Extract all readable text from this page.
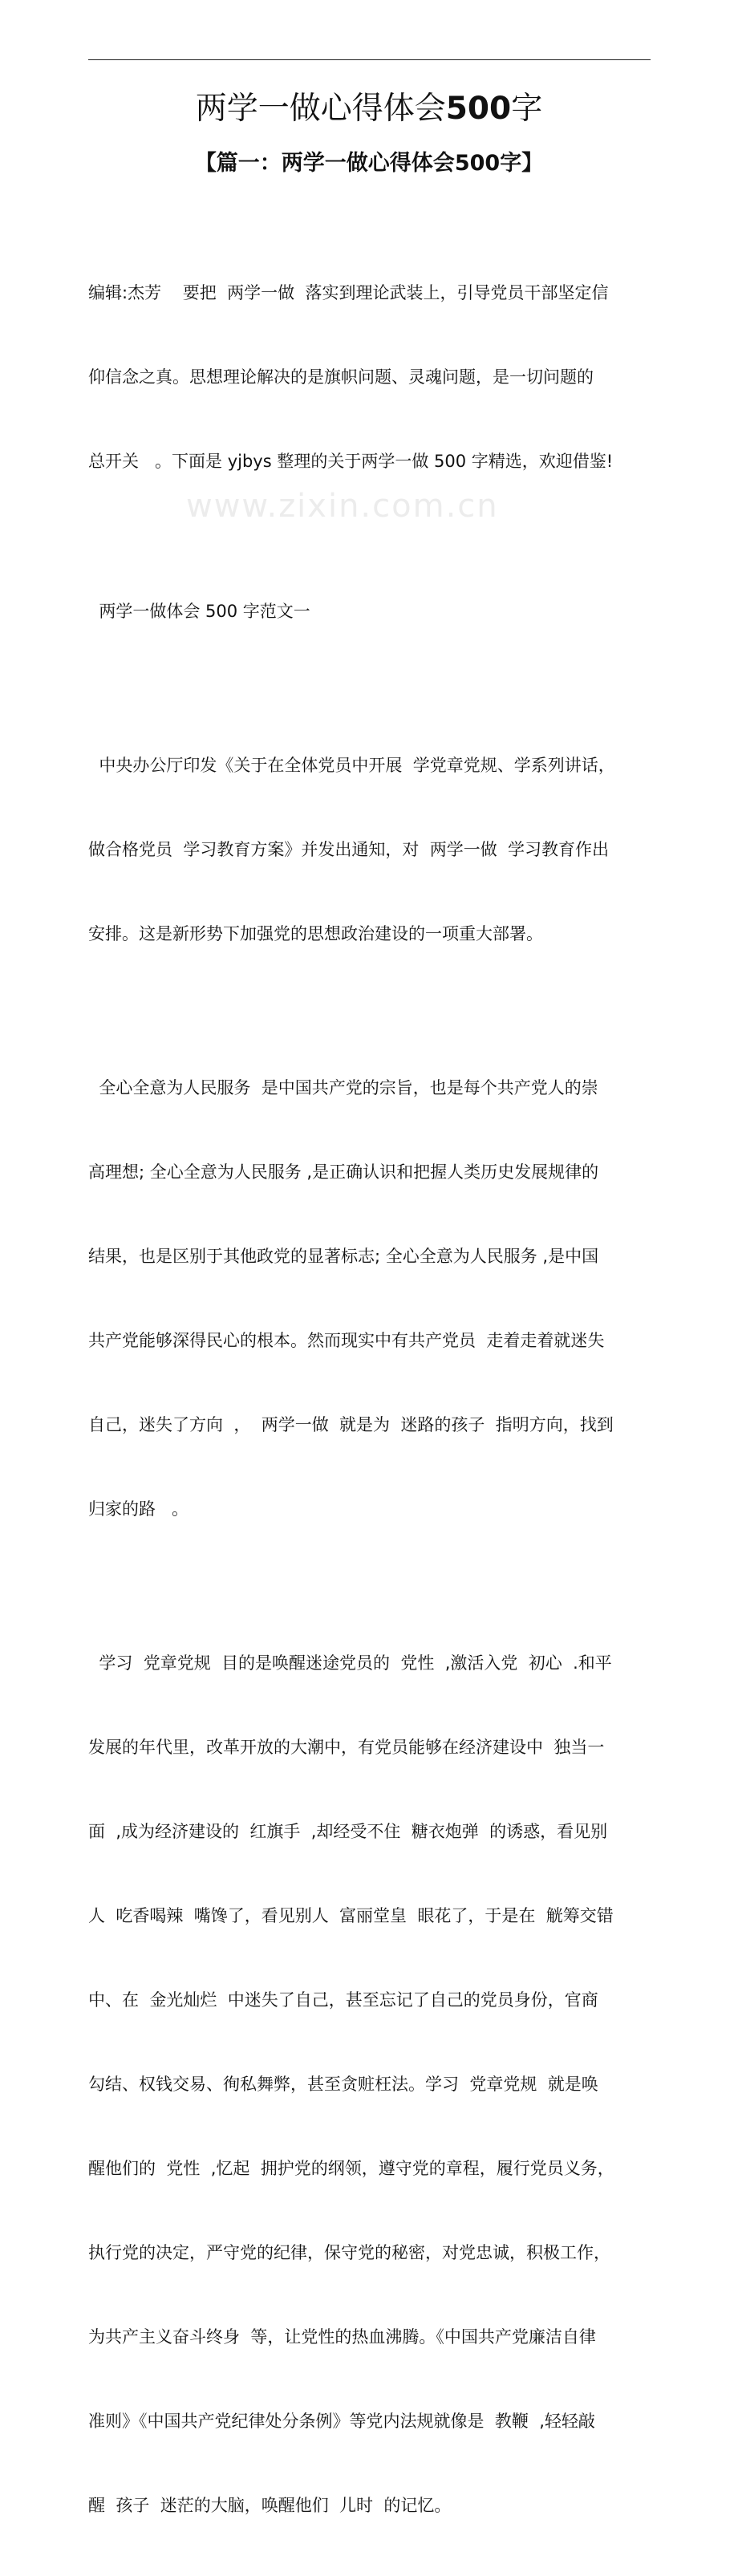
www.zixin.com.cn
两学一做心得体会500字
【篇一：两学一做心得体会500字】

编辑:杰芳    要把  两学一做  落实到理论武装上，引导党员干部坚定信

仰信念之真。思想理论解决的是旗帜问题、灵魂问题，是一切问题的

总开关   。下面是 yjbys 整理的关于两学一做 500 字精选，欢迎借鉴!

两学一做体会 500 字范文一

中央办公厅印发《关于在全体党员中开展  学党章党规、学系列讲话，

做合格党员  学习教育方案》并发出通知，对  两学一做  学习教育作出

安排。这是新形势下加强党的思想政治建设的一项重大部署。

全心全意为人民服务  是中国共产党的宗旨，也是每个共产党人的崇

高理想; 全心全意为人民服务 ,是正确认识和把握人类历史发展规律的

结果，也是区别于其他政党的显著标志; 全心全意为人民服务 ,是中国

共产党能够深得民心的根本。然而现实中有共产党员  走着走着就迷失

自己，迷失了方向  ，  两学一做  就是为  迷路的孩子  指明方向，找到

归家的路   。

学习  党章党规  目的是唤醒迷途党员的  党性  ,激活入党  初心  .和平

发展的年代里，改革开放的大潮中，有党员能够在经济建设中  独当一

面  ,成为经济建设的  红旗手  ,却经受不住  糖衣炮弹  的诱惑，看见别

人  吃香喝辣  嘴馋了，看见别人  富丽堂皇  眼花了，于是在  觥筹交错

中、在  金光灿烂  中迷失了自己，甚至忘记了自己的党员身份，官商

勾结、权钱交易、徇私舞弊，甚至贪赃枉法。学习  党章党规  就是唤

醒他们的  党性  ,忆起  拥护党的纲领，遵守党的章程，履行党员义务，

执行党的决定，严守党的纪律，保守党的秘密，对党忠诚，积极工作，

为共产主义奋斗终身  等，让党性的热血沸腾。《中国共产党廉洁自律

准则》《中国共产党纪律处分条例》等党内法规就像是  教鞭  ,轻轻敲

醒  孩子  迷茫的大脑，唤醒他们  儿时  的记忆。
